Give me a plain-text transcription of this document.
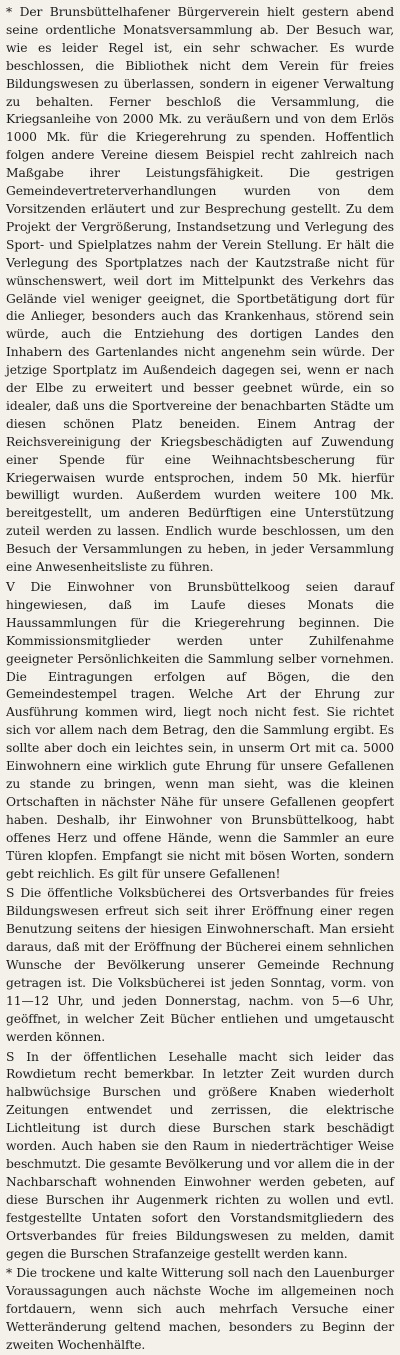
* Der Brunsbüttelhafener Bürgerverein hielt gestern abend seine ordentliche Monatsversammlung ab. Der Besuch war, wie es leider Regel ist, ein sehr schwacher. Es wurde beschlossen, die Bibliothek nicht dem Verein für freies Bildungswesen zu überlassen, sondern in eigener Verwaltung zu behalten. Ferner beschloß die Versammlung, die Kriegsanleihe von 2000 Mk. zu veräußern und von dem Erlös 1000 Mk. für die Kriegerehrung zu spenden. Hoffentlich folgen andere Vereine diesem Beispiel recht zahlreich nach Maßgabe ihrer Leistungsfähigkeit. Die gestrigen Gemeindevertreterverhandlungen wurden von dem Vorsitzenden erläutert und zur Besprechung gestellt. Zu dem Projekt der Vergrößerung, Instandsetzung und Verlegung des Sport- und Spielplatzes nahm der Verein Stellung. Er hält die Verlegung des Sportplatzes nach der Kautzstraße nicht für wünschenswert, weil dort im Mittelpunkt des Verkehrs das Gelände viel weniger geeignet, die Sportbetätigung dort für die Anlieger, besonders auch das Krankenhaus, störend sein würde, auch die Entziehung des dortigen Landes den Inhabern des Gartenlandes nicht angenehm sein würde. Der jetzige Sportplatz im Außendeich dagegen sei, wenn er nach der Elbe zu erweitert und besser geebnet würde, ein so idealer, daß uns die Sportvereine der benachbarten Städte um diesen schönen Platz beneiden. Einem Antrag der Reichsvereinigung der Kriegsbeschädigten auf Zuwendung einer Spende für eine Weihnachtsbescherung für Kriegerwaisen wurde entsprochen, indem 50 Mk. hierfür bewilligt wurden. Außerdem wurden weitere 100 Mk. bereitgestellt, um anderen Bedürftigen eine Unterstützung zuteil werden zu lassen. Endlich wurde beschlossen, um den Besuch der Versammlungen zu heben, in jeder Versammlung eine Anwesenheitsliste zu führen.

V Die Einwohner von Brunsbüttelkoog seien darauf hingewiesen, daß im Laufe dieses Monats die Haussammlungen für die Kriegerehrung beginnen. Die Kommissionsmitglieder werden unter Zuhilfenahme geeigneter Persönlichkeiten die Sammlung selber vornehmen. Die Eintragungen erfolgen auf Bögen, die den Gemeindestempel tragen. Welche Art der Ehrung zur Ausführung kommen wird, liegt noch nicht fest. Sie richtet sich vor allem nach dem Betrag, den die Sammlung ergibt. Es sollte aber doch ein leichtes sein, in unserm Ort mit ca. 5000 Einwohnern eine wirklich gute Ehrung für unsere Gefallenen zu stande zu bringen, wenn man sieht, was die kleinen Ortschaften in nächster Nähe für unsere Gefallenen geopfert haben. Deshalb, ihr Einwohner von Brunsbüttelkoog, habt offenes Herz und offene Hände, wenn die Sammler an eure Türen klopfen. Empfangt sie nicht mit bösen Worten, sondern gebt reichlich. Es gilt für unsere Gefallenen!

S Die öffentliche Volksbücherei des Ortsverbandes für freies Bildungswesen erfreut sich seit ihrer Eröffnung einer regen Benutzung seitens der hiesigen Einwohnerschaft. Man ersieht daraus, daß mit der Eröffnung der Bücherei einem sehnlichen Wunsche der Bevölkerung unserer Gemeinde Rechnung getragen ist. Die Volksbücherei ist jeden Sonntag, vorm. von 11—12 Uhr, und jeden Donnerstag, nachm. von 5—6 Uhr, geöffnet, in welcher Zeit Bücher entliehen und umgetauscht werden können.

S In der öffentlichen Lesehalle macht sich leider das Rowdietum recht bemerkbar. In letzter Zeit wurden durch halbwüchsige Burschen und größere Knaben wiederholt Zeitungen entwendet und zerrissen, die elektrische Lichtleitung ist durch diese Burschen stark beschädigt worden. Auch haben sie den Raum in niederträchtiger Weise beschmutzt. Die gesamte Bevölkerung und vor allem die in der Nachbarschaft wohnenden Einwohner werden gebeten, auf diese Burschen ihr Augenmerk richten zu wollen und evtl. festgestellte Untaten sofort den Vorstandsmitgliedern des Ortsverbandes für freies Bildungswesen zu melden, damit gegen die Burschen Strafanzeige gestellt werden kann.

* Die trockene und kalte Witterung soll nach den Lauenburger Voraussagungen auch nächste Woche im allgemeinen noch fortdauern, wenn sich auch mehrfach Versuche einer Wetteränderung geltend machen, besonders zu Beginn der zweiten Wochenhälfte.
